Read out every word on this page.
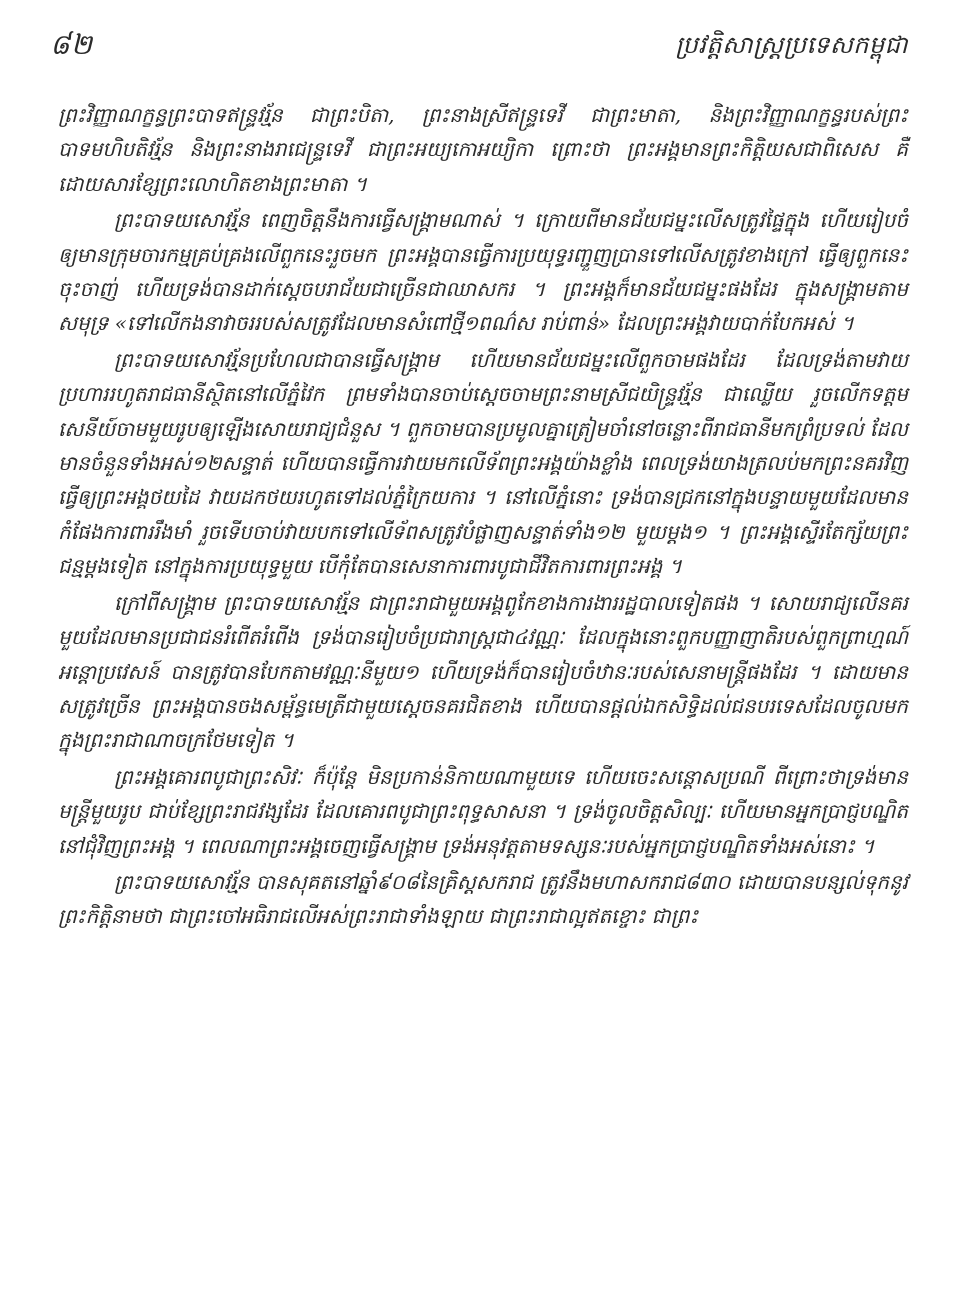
៨២	ប្រវត្តិសាស្ត្រប្រទេសកម្ពុជា

ព្រះវិញ្ញាណក្ខន្ធព្រះបាទឥន្ទ្រវរ្ម័ន ជាព្រះបិតា, ព្រះនាងស្រីឥន្ទ្រទេវី ជាព្រះមាតា, និងព្រះវិញ្ញាណក្ខន្ធរបស់ព្រះបាទមហិបតិវរ្ម័ន និងព្រះនាងរាជេន្ទ្រទេវី ជាព្រះអយ្យកោអយ្យិកា ព្រោះថា ព្រះអង្គមានព្រះកិត្តិយសជាពិសេស គឺដោយសារខ្សែព្រះលោហិតខាងព្រះមាតា ។

ព្រះបាទយសោវរ្ម័ន ពេញចិត្តនឹងការធ្វើសង្គ្រាមណាស់ ។ ក្រោយពីមានជ័យជម្នះលើសត្រូវផ្ទៃក្នុង ហើយរៀបចំឲ្យមានក្រុមចារកម្មគ្រប់គ្រងលើពួកនេះរួចមក ព្រះអង្គបានធ្វើការប្រយុទ្ធរញ្ជួញប្រានទៅលើសត្រូវខាងក្រៅ ធ្វើឲ្យពួកនេះចុះចាញ់ ហើយទ្រង់បានដាក់ស្តេចបរាជ័យជាច្រើនជាឈាសករ ។ ព្រះអង្គក៏មានជ័យជម្នះផងដែរ ក្នុងសង្គ្រាមតាមសមុទ្រ «ទៅលើកងនាវាចររបស់សត្រូវដែលមានសំពៅថ្មី១ពណ៌ស រាប់ពាន់» ដែលព្រះអង្គវាយបាក់បែកអស់ ។

ព្រះបាទយសោវរ្ម័នប្រហែលជាបានធ្វើសង្គ្រាម ហើយមានជ័យជម្នះលើពួកចាមផងដែរ ដែលទ្រង់តាមវាយប្រហាររហូតរាជធានីស្ថិតនៅលើភ្នំវៃក ព្រមទាំងបានចាប់ស្តេចចាមព្រះនាមស្រីជយិន្ទ្រវរ្ម័ន ជាឈ្លើយ រួចលើកទត្តមសេនីយ៍ចាមមួយរូបឲ្យឡើងសោយរាជ្យជំនួស ។ ពួកចាមបានប្រមូលគ្នាត្រៀមចាំនៅចន្លោះពីរាជធានីមកព្រំប្រទល់ ដែលមានចំនួនទាំងអស់១២សន្ទាត់ ហើយបានធ្វើការវាយមកលើទ័ពព្រះអង្គយ៉ាងខ្លាំង ពេលទ្រង់យាងត្រលប់មកព្រះនគរវិញ ធ្វើឲ្យព្រះអង្គថយដៃ វាយដកថយរហូតទៅដល់ភ្នំក្រៃយការ ។ នៅលើភ្នំនោះ ទ្រង់បានជ្រកនៅក្នុងបន្ទាយមួយដែលមានកំផែងការពាររឹងមាំ រួចទើបចាប់វាយបកទៅលើទ័ពសត្រូវបំផ្លាញសន្ទាត់ទាំង១២ មួយម្តង១ ។ ព្រះអង្គស្ទើរតែក្ស័យព្រះជន្មម្តងទៀត នៅក្នុងការប្រយុទ្ធមួយ បើកុំតែបានសេនាការពារបូជាជីវិតការពារព្រះអង្គ ។

ក្រៅពីសង្គ្រាម ព្រះបាទយសោវរ្ម័ន ជាព្រះរាជាមួយអង្គពូកែខាងការងាររដ្ឋបាលទៀតផង ។ សោយរាជ្យលើនគរមួយដែលមានប្រជាជនរំពើតរំពើង ទ្រង់បានរៀបចំប្រជារាស្ត្រជា៤វណ្ណៈ ដែលក្នុងនោះពួកបញ្ញាញាតិរបស់ពួកព្រាហ្មណ៍អន្តោប្រវេសន៍ បានត្រូវបានបែកតាមវណ្ណៈនីមួយ១ ហើយទ្រង់ក៏បានរៀបចំឋានៈរបស់សេនាមន្ត្រីផងដែរ ។ ដោយមានសត្រូវច្រើន ព្រះអង្គបានចងសម្ព័ន្ធមេត្រីជាមួយស្តេចនគរជិតខាង ហើយបានផ្តល់ឯកសិទ្ធិដល់ជនបរទេសដែលចូលមកក្នុងព្រះរាជាណាចក្រថែមទៀត ។

ព្រះអង្គគោរពបូជាព្រះសិវៈ ក៏ប៉ុន្តែ មិនប្រកាន់និកាយណាមួយទេ ហើយចេះសន្តោសប្រណី ពីព្រោះថាទ្រង់មានមន្ត្រីមួយរូប ជាប់ខ្សែព្រះរាជវង្សដែរ ដែលគោរពបូជាព្រះពុទ្ធសាសនា ។ ទ្រង់ចូលចិត្តសិល្បៈ ហើយមានអ្នកប្រាជ្ញបណ្ឌិត នៅជុំវិញព្រះអង្គ ។ ពេលណាព្រះអង្គចេញធ្វើសង្គ្រាម ទ្រង់អនុវត្តតាមទស្សនៈរបស់អ្នកប្រាជ្ញបណ្ឌិតទាំងអស់នោះ ។

ព្រះបាទយសោវរ្ម័ន បានសុគតនៅឆ្នាំ៩០៨នៃគ្រិស្តសករាជ ត្រូវនឹងមហាសករាជ៨៣០ ដោយបានបន្សល់ទុកនូវព្រះកិត្តិនាមថា ជាព្រះចៅអធិរាជលើអស់ព្រះរាជាទាំងឡាយ ជាព្រះរាជាល្អឥតខ្ចោះ ជាព្រះ
